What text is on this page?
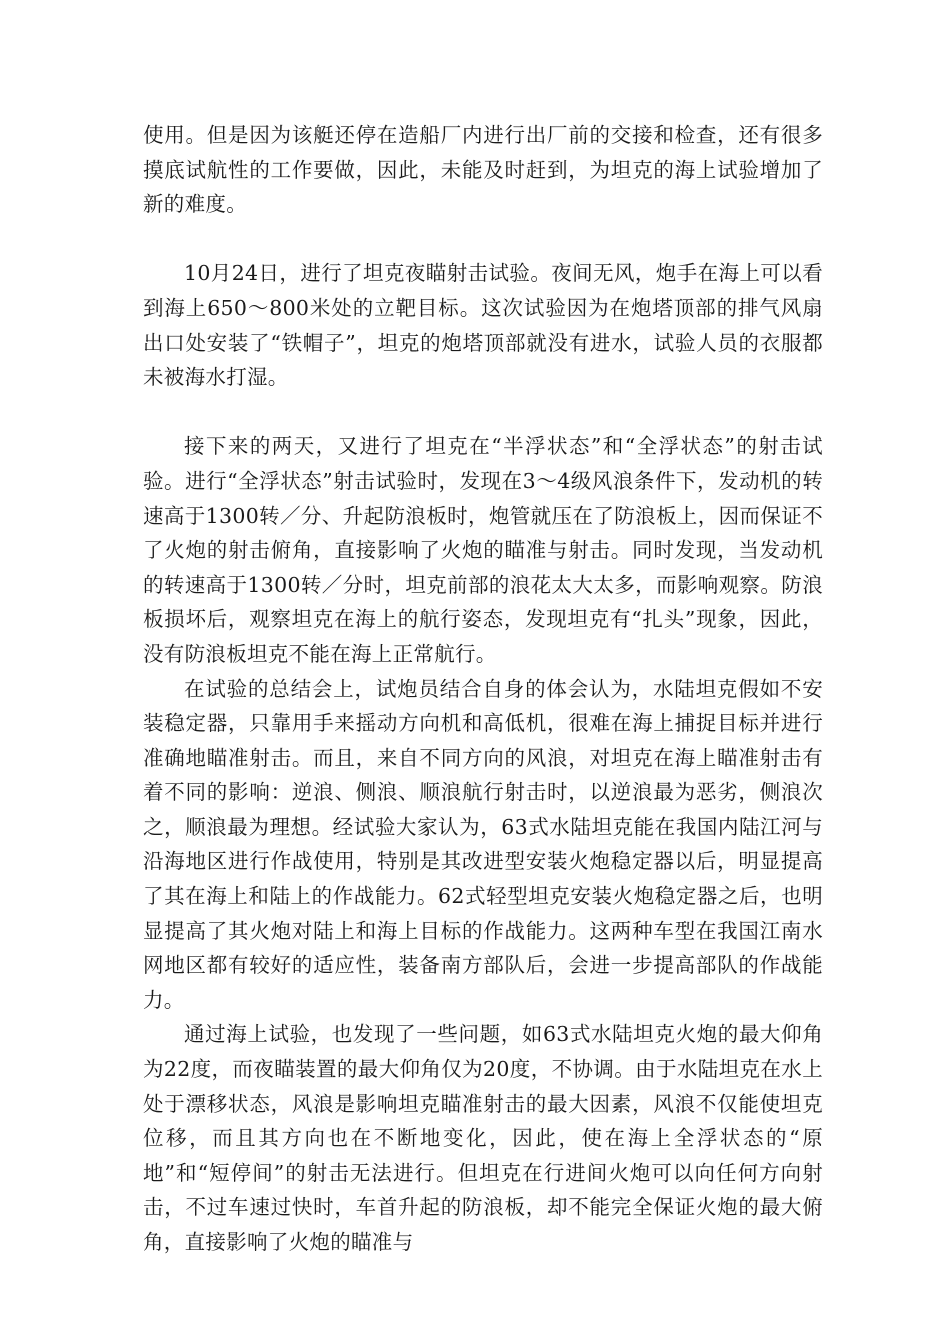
使用。但是因为该艇还停在造船厂内进行出厂前的交接和检查，还有很多摸底试航性的工作要做，因此，未能及时赶到，为坦克的海上试验增加了新的难度。

10月24日，进行了坦克夜瞄射击试验。夜间无风，炮手在海上可以看到海上650～800米处的立靶目标。这次试验因为在炮塔顶部的排气风扇出口处安装了“铁帽子”，坦克的炮塔顶部就没有进水，试验人员的衣服都未被海水打湿。

接下来的两天，又进行了坦克在“半浮状态”和“全浮状态”的射击试验。进行“全浮状态”射击试验时，发现在3～4级风浪条件下，发动机的转速高于1300转／分、升起防浪板时，炮管就压在了防浪板上，因而保证不了火炮的射击俯角，直接影响了火炮的瞄准与射击。同时发现，当发动机的转速高于1300转／分时，坦克前部的浪花太大太多，而影响观察。防浪板损坏后，观察坦克在海上的航行姿态，发现坦克有“扎头”现象，因此，没有防浪板坦克不能在海上正常航行。

在试验的总结会上，试炮员结合自身的体会认为，水陆坦克假如不安装稳定器，只靠用手来摇动方向机和高低机，很难在海上捕捉目标并进行准确地瞄准射击。而且，来自不同方向的风浪，对坦克在海上瞄准射击有着不同的影响：逆浪、侧浪、顺浪航行射击时，以逆浪最为恶劣，侧浪次之，顺浪最为理想。经试验大家认为，63式水陆坦克能在我国内陆江河与沿海地区进行作战使用，特别是其改进型安装火炮稳定器以后，明显提高了其在海上和陆上的作战能力。62式轻型坦克安装火炮稳定器之后，也明显提高了其火炮对陆上和海上目标的作战能力。这两种车型在我国江南水网地区都有较好的适应性，装备南方部队后，会进一步提高部队的作战能力。

通过海上试验，也发现了一些问题，如63式水陆坦克火炮的最大仰角为22度，而夜瞄装置的最大仰角仅为20度，不协调。由于水陆坦克在水上处于漂移状态，风浪是影响坦克瞄准射击的最大因素，风浪不仅能使坦克位移，而且其方向也在不断地变化，因此，使在海上全浮状态的“原地”和“短停间”的射击无法进行。但坦克在行进间火炮可以向任何方向射击，不过车速过快时，车首升起的防浪板，却不能完全保证火炮的最大俯角，直接影响了火炮的瞄准与
